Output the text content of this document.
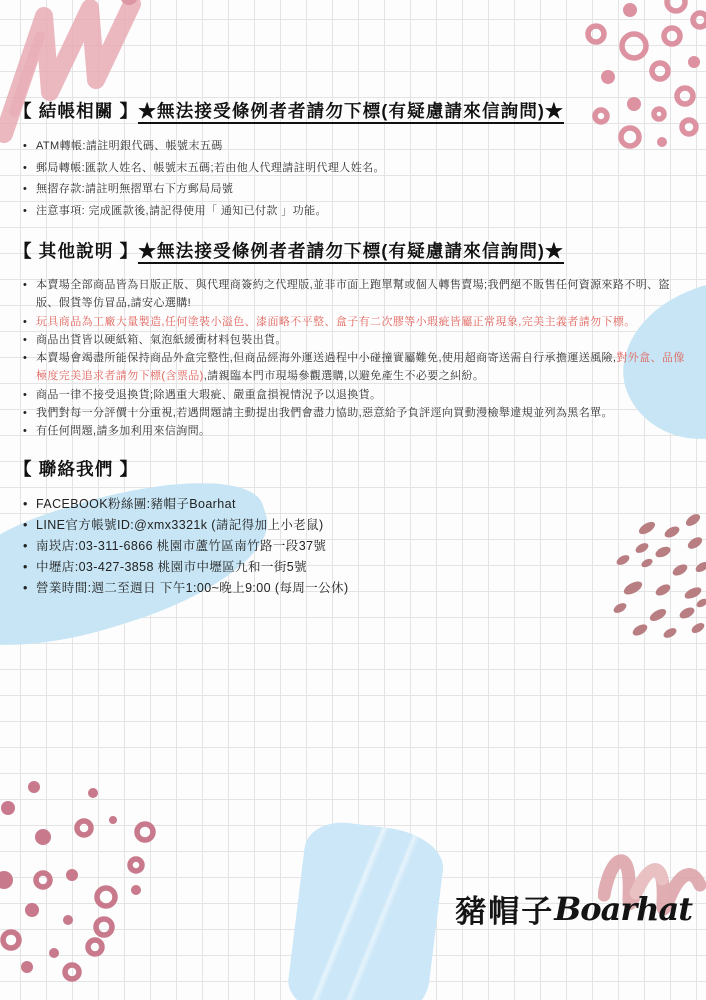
【 結帳相關 】★無法接受條例者者請勿下標(有疑慮請來信詢問)★
• ATM轉帳:請註明銀代碼、帳號末五碼
• 郵局轉帳:匯款人姓名、帳號末五碼;若由他人代理請註明代理人姓名。
• 無摺存款:請註明無摺單右下方郵局局號
• 注意事項: 完成匯款後,請記得使用「 通知已付款 」功能。
【 其他說明 】★無法接受條例者者請勿下標(有疑慮請來信詢問)★
• 本賣場全部商品皆為日版正版、與代理商簽約之代理版,並非市面上跑單幫或個人轉售賣場;我們絕不販售任何資源來路不明、盜版、假貨等仿冒品,請安心選購!
• 玩具商品為工廠大量製造,任何塗裝小溢色、漆面略不平整、盒子有二次膠等小瑕疵皆屬正常現象,完美主義者請勿下標。
• 商品出貨皆以硬紙箱、氣泡紙緩衝材料包裝出貨。
• 本賣場會竭盡所能保持商品外盒完整性,但商品經海外運送過程中小碰撞實屬難免,使用超商寄送需自行承擔運送風險,對外盒、品像極度完美追求者請勿下標(含票品),請親臨本門市現場參觀選購,以避免產生不必要之糾紛。
• 商品一律不接受退換貨;除遇重大瑕疵、嚴重盒損視情況予以退換貨。
• 我們對每一分評價十分重視,若遇問題請主動提出我們會盡力協助,惡意給予負評逕向買動漫檢舉違規並列為黑名單。
• 有任何問題,請多加利用來信詢問。
【 聯絡我們 】
• FACEBOOK粉絲團:豬帽子Boarhat
• LINE官方帳號ID:@xmx3321k (請記得加上小老鼠)
• 南崁店:03-311-6866 桃園市蘆竹區南竹路一段37號
• 中壢店:03-427-3858 桃園市中壢區九和一街5號
• 營業時間:週二至週日 下午1:00~晚上9:00 (每周一公休)
豬帽子 Boarhat
